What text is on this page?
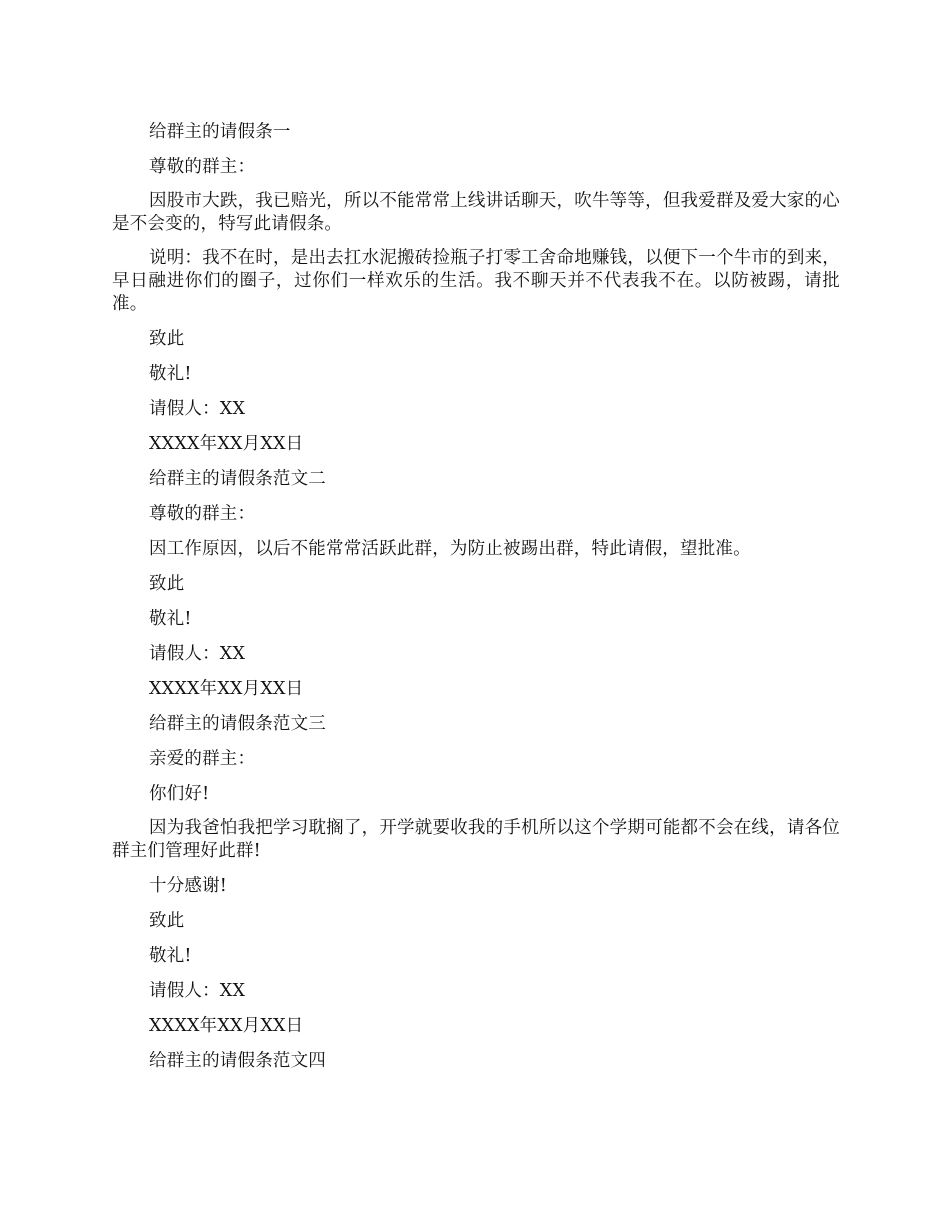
给群主的请假条一

尊敬的群主：

因股市大跌，我已赔光，所以不能常常上线讲话聊天，吹牛等等，但我爱群及爱大家的心是不会变的，特写此请假条。

说明：我不在时，是出去扛水泥搬砖捡瓶子打零工舍命地赚钱，以便下一个牛市的到来，早日融进你们的圈子，过你们一样欢乐的生活。我不聊天并不代表我不在。以防被踢，请批准。

致此

敬礼!

请假人：XX

XXXX年XX月XX日

给群主的请假条范文二

尊敬的群主：

因工作原因，以后不能常常活跃此群，为防止被踢出群，特此请假，望批准。

致此

敬礼!

请假人：XX

XXXX年XX月XX日

给群主的请假条范文三

亲爱的群主：

你们好!

因为我爸怕我把学习耽搁了，开学就要收我的手机所以这个学期可能都不会在线，请各位群主们管理好此群!

十分感谢!

致此

敬礼!

请假人：XX

XXXX年XX月XX日

给群主的请假条范文四
